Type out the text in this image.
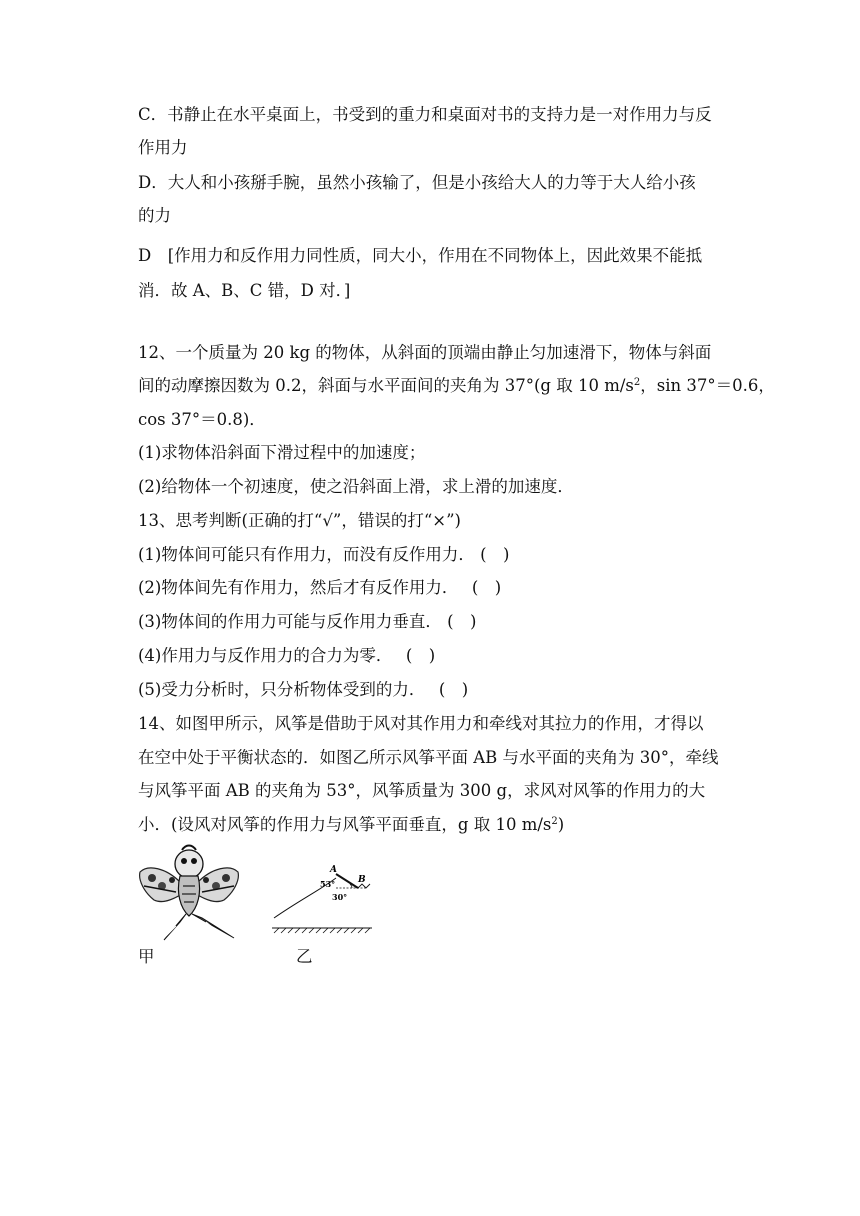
C．书静止在水平桌面上，书受到的重力和桌面对书的支持力是一对作用力与反
作用力
D．大人和小孩掰手腕，虽然小孩输了，但是小孩给大人的力等于大人给小孩
的力
D　[作用力和反作用力同性质，同大小，作用在不同物体上，因此效果不能抵
消．故 A、B、C 错，D 对．]
12、一个质量为 20 kg 的物体，从斜面的顶端由静止匀加速滑下，物体与斜面
间的动摩擦因数为 0.2，斜面与水平面间的夹角为 37°(g 取 10 $m/s^2$，sin 37°＝0.6，
cos 37°＝0.8)．
(1)求物体沿斜面下滑过程中的加速度；
(2)给物体一个初速度，使之沿斜面上滑，求上滑的加速度．
13、思考判断(正确的打“√”，错误的打“×”)
(1)物体间可能只有作用力，而没有反作用力． (　)
(2)物体间先有作用力，然后才有反作用力．　 (　)
(3)物体间的作用力可能与反作用力垂直． (　)
(4)作用力与反作用力的合力为零．　 (　)
(5)受力分析时，只分析物体受到的力．　 (　)
14、如图甲所示，风筝是借助于风对其作用力和牵线对其拉力的作用，才得以
在空中处于平衡状态的．如图乙所示风筝平面 AB 与水平面的夹角为 30°，牵线
与风筝平面 AB 的夹角为 53°，风筝质量为 300 g，求风对风筝的作用力的大
小．(设风对风筝的作用力与风筝平面垂直，g 取 10 $m/s^2$)
A
B
53°
30°
甲	乙
